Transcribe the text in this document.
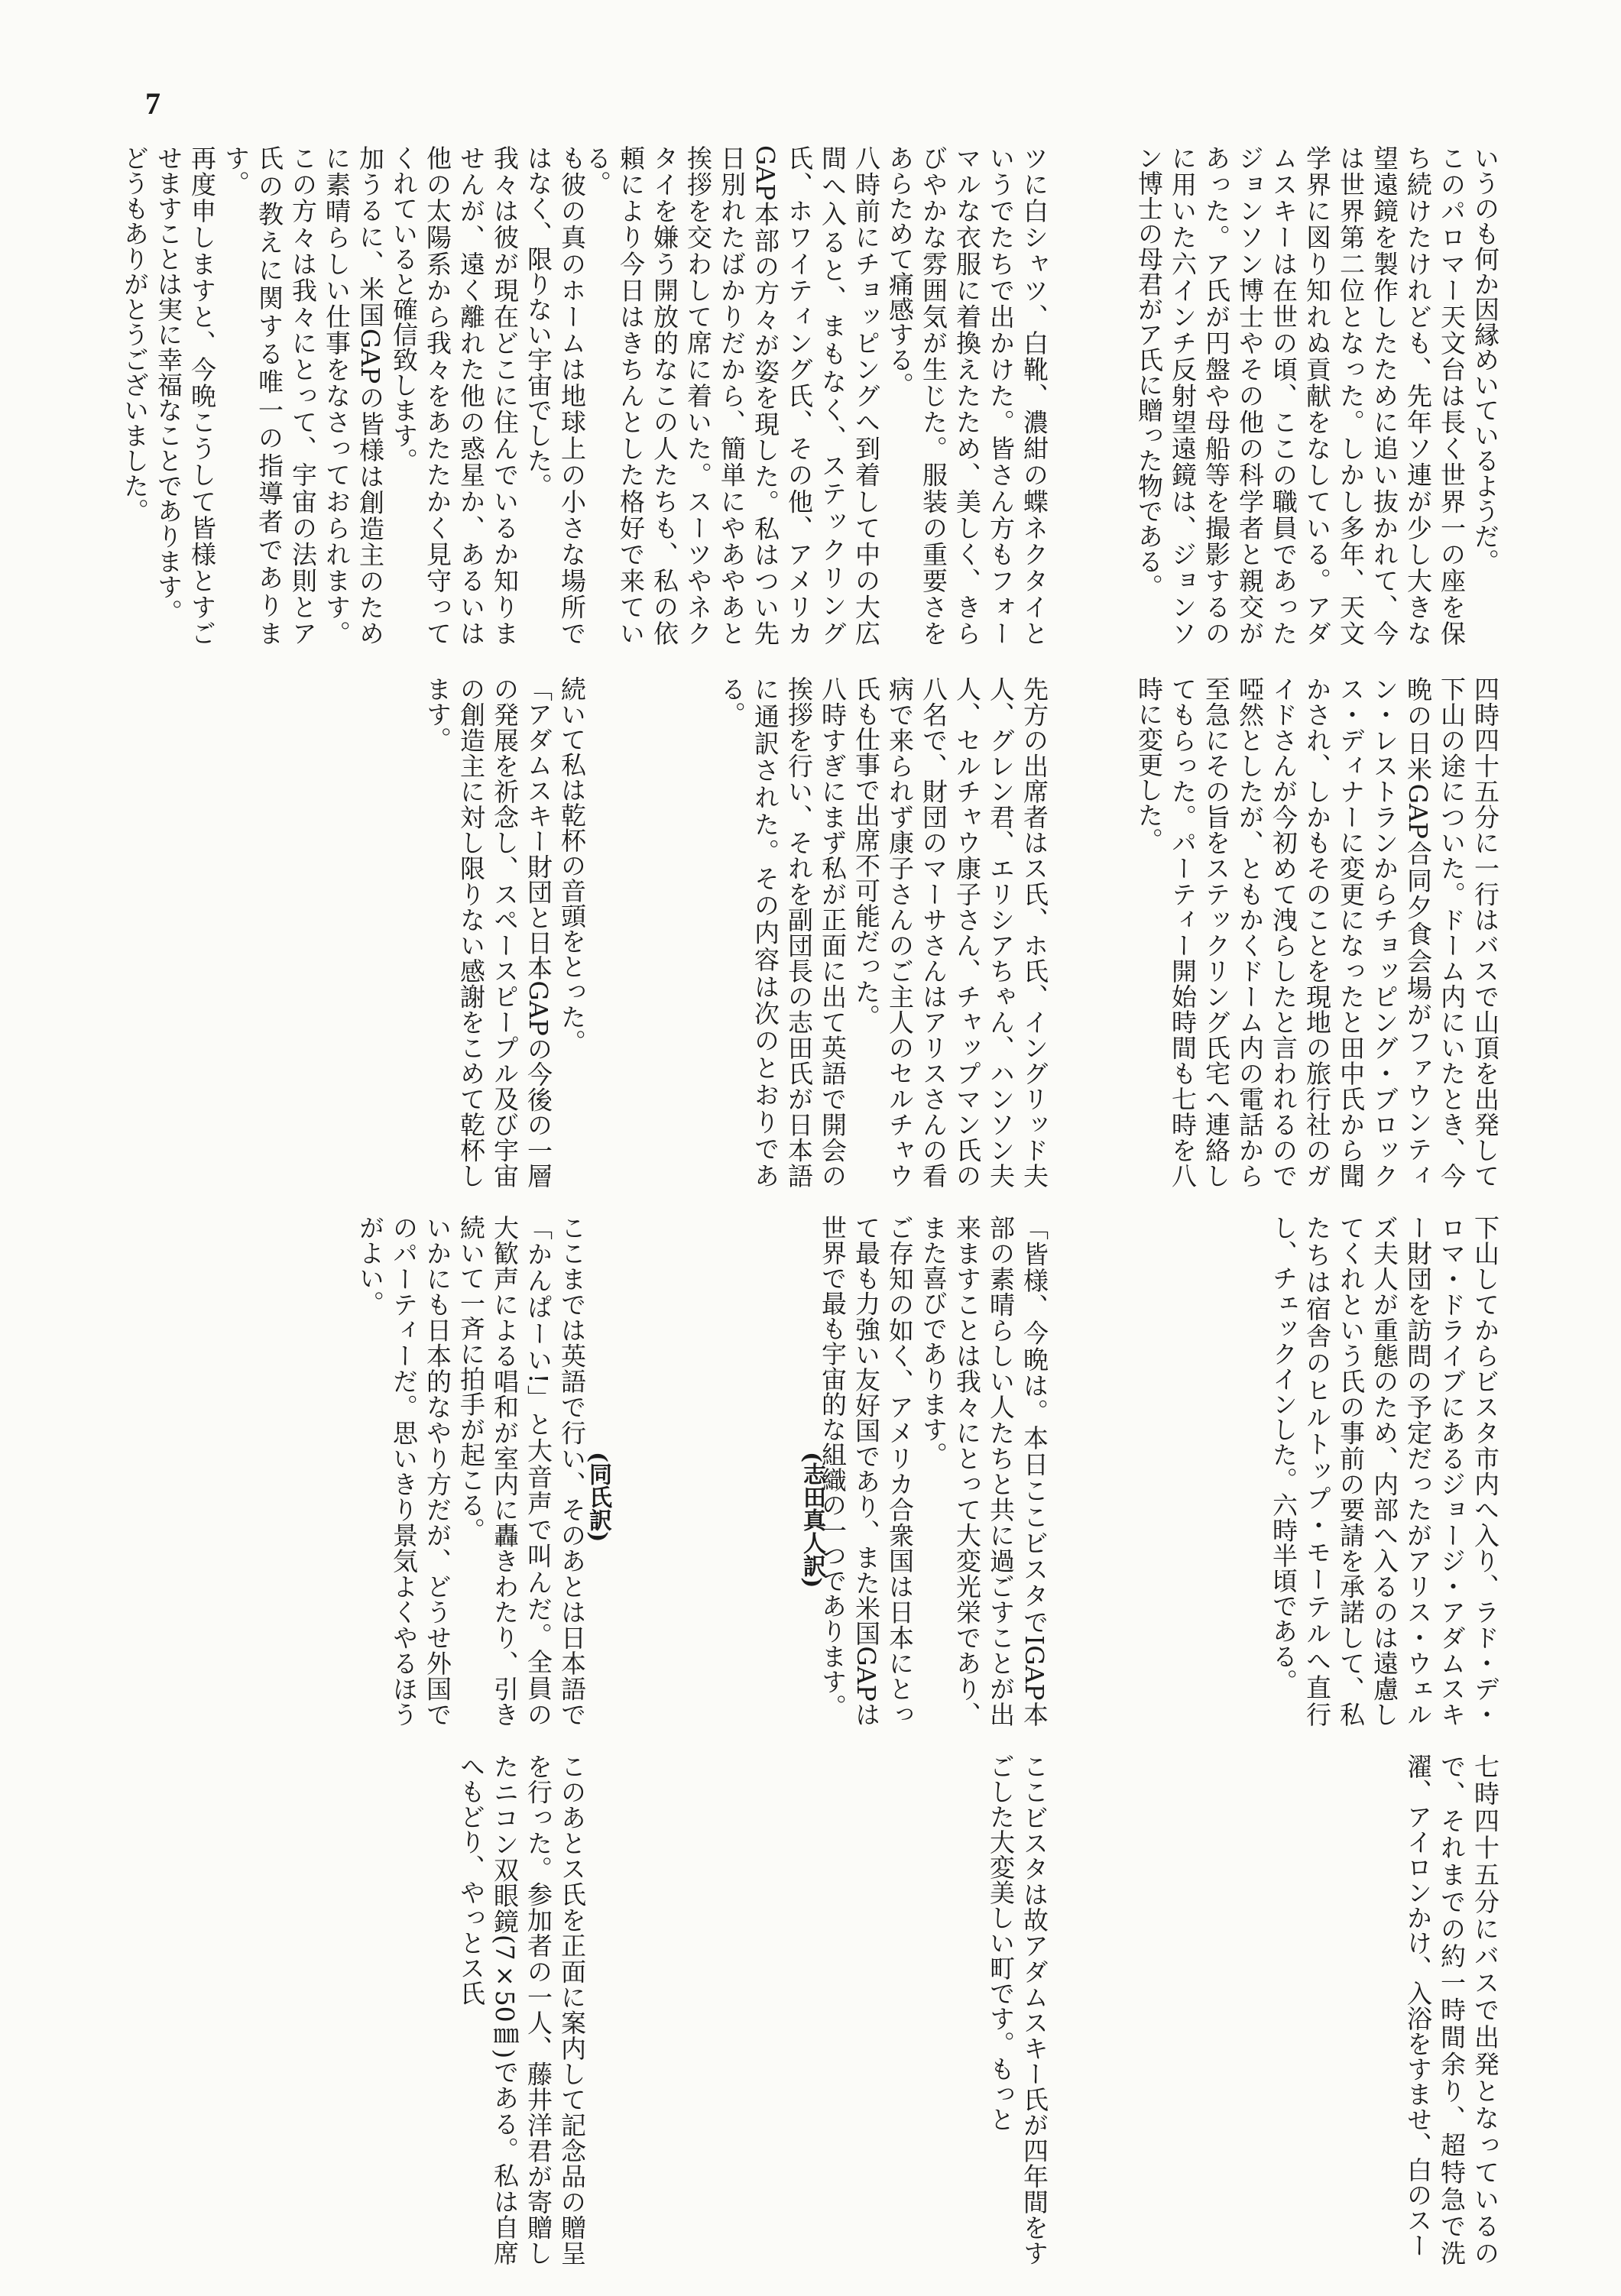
7

いうのも何か因縁めいているようだ。
このパロマー天文台は長く世界一の座を保ち続けたけれども、先年ソ連が少し大きな望遠鏡を製作したために追い抜かれて、今は世界第二位となった。しかし多年、天文学界に図り知れぬ貢献をなしている。アダムスキーは在世の頃、ここの職員であったジョンソン博士やその他の科学者と親交があった。ア氏が円盤や母船等を撮影するのに用いた六インチ反射望遠鏡は、ジョンソン博士の母君がア氏に贈った物である。

ツに白シャツ、白靴、濃紺の蝶ネクタイというでたちで出かけた。皆さん方もフォーマルな衣服に着換えたため、美しく、きらびやかな雰囲気が生じた。服装の重要さをあらためて痛感する。
八時前にチョッピングへ到着して中の大広間へ入ると、まもなく、ステックリング氏、ホワイティング氏、その他、アメリカGAP本部の方々が姿を現した。私はつい先日別れたばかりだから、簡単にやあやあと挨拶を交わして席に着いた。スーツやネクタイを嫌う開放的なこの人たちも、私の依頼により今日はきちんとした格好で来ている。

も彼の真のホームは地球上の小さな場所ではなく、限りない宇宙でした。
我々は彼が現在どこに住んでいるか知りませんが、遠く離れた他の惑星か、あるいは他の太陽系から我々をあたたかく見守ってくれていると確信致します。
加うるに、米国GAPの皆様は創造主のために素晴らしい仕事をなさっておられます。この方々は我々にとって、宇宙の法則とア氏の教えに関する唯一の指導者であります。
再度申しますと、今晩こうして皆様とすごせますことは実に幸福なことであります。
どうもありがとうございました。

四時四十五分に一行はバスで山頂を出発して下山の途についた。ドーム内にいたとき、今晩の日米GAP合同夕食会場がファウンティン・レストランからチョッピング・ブロックス・ディナーに変更になったと田中氏から聞かされ、しかもそのことを現地の旅行社のガイドさんが今初めて洩らしたと言われるので啞然としたが、ともかくドーム内の電話から至急にその旨をステックリング氏宅へ連絡してもらった。パーティー開始時間も七時を八時に変更した。

先方の出席者はス氏、ホ氏、イングリッド夫人、グレン君、エリシアちゃん、ハンソン夫人、セルチャウ康子さん、チャップマン氏の八名で、財団のマーサさんはアリスさんの看病で来られず康子さんのご主人のセルチャウ氏も仕事で出席不可能だった。
八時すぎにまず私が正面に出て英語で開会の挨拶を行い、それを副団長の志田氏が日本語に通訳された。その内容は次のとおりである。

続いて私は乾杯の音頭をとった。
「アダムスキー財団と日本GAPの今後の一層の発展を祈念し、スペースピープル及び宇宙の創造主に対し限りない感謝をこめて乾杯します。

下山してからビスタ市内へ入り、ラド・デ・ロマ・ドライブにあるジョージ・アダムスキー財団を訪問の予定だったがアリス・ウェルズ夫人が重態のため、内部へ入るのは遠慮してくれという氏の事前の要請を承諾して、私たちは宿舎のヒルトップ・モーテルへ直行し、チェックインした。六時半頃である。

「皆様、今晩は。本日ここビスタでIGAP本部の素晴らしい人たちと共に過ごすことが出来ますことは我々にとって大変光栄であり、また喜びであります。
ご存知の如く、アメリカ合衆国は日本にとって最も力強い友好国であり、また米国GAPは世界で最も宇宙的な組織の一つであります。

ここまでは英語で行い、そのあとは日本語で「かんぱーい!」と大音声で叫んだ。全員の大歓声による唱和が室内に轟きわたり、引き続いて一斉に拍手が起こる。
いかにも日本的なやり方だが、どうせ外国でのパーティーだ。思いきり景気よくやるほうがよい。

七時四十五分にバスで出発となっているので、それまでの約一時間余り、超特急で洗濯、アイロンかけ、入浴をすませ、白のスー

ここビスタは故アダムスキー氏が四年間をすごした大変美しい町です。もっと

このあとス氏を正面に案内して記念品の贈呈を行った。参加者の一人、藤井洋君が寄贈したニコン双眼鏡(7×50㎜)である。私は自席へもどり、やっとス氏

(志田真人訳)
(同氏訳)
